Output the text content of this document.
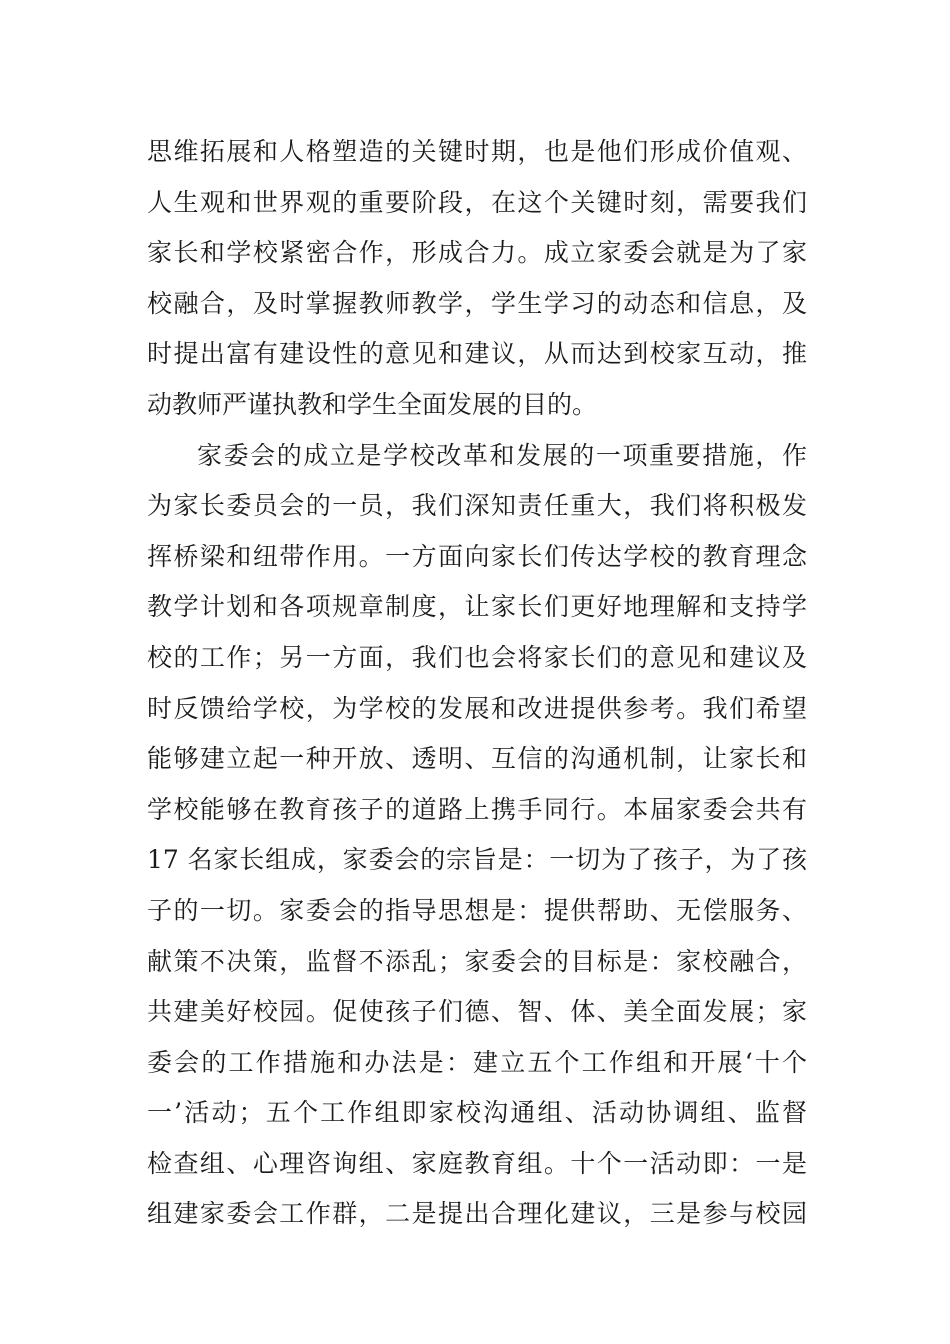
思维拓展和人格塑造的关键时期，也是他们形成价值观、
人生观和世界观的重要阶段，在这个关键时刻，需要我们
家长和学校紧密合作，形成合力。成立家委会就是为了家
校融合，及时掌握教师教学，学生学习的动态和信息，及
时提出富有建设性的意见和建议，从而达到校家互动，推
动教师严谨执教和学生全面发展的目的。
家委会的成立是学校改革和发展的一项重要措施，作
为家长委员会的一员，我们深知责任重大，我们将积极发
挥桥梁和纽带作用。一方面向家长们传达学校的教育理念
教学计划和各项规章制度，让家长们更好地理解和支持学
校的工作；另一方面，我们也会将家长们的意见和建议及
时反馈给学校，为学校的发展和改进提供参考。我们希望
能够建立起一种开放、透明、互信的沟通机制，让家长和
学校能够在教育孩子的道路上携手同行。本届家委会共有
17 名家长组成，家委会的宗旨是：一切为了孩子，为了孩
子的一切。家委会的指导思想是：提供帮助、无偿服务、
献策不决策，监督不添乱；家委会的目标是：家校融合，
共建美好校园。促使孩子们德、智、体、美全面发展；家
委会的工作措施和办法是：建立五个工作组和开展‘十个
一’活动；五个工作组即家校沟通组、活动协调组、监督
检查组、心理咨询组、家庭教育组。十个一活动即：一是
组建家委会工作群，二是提出合理化建议，三是参与校园
